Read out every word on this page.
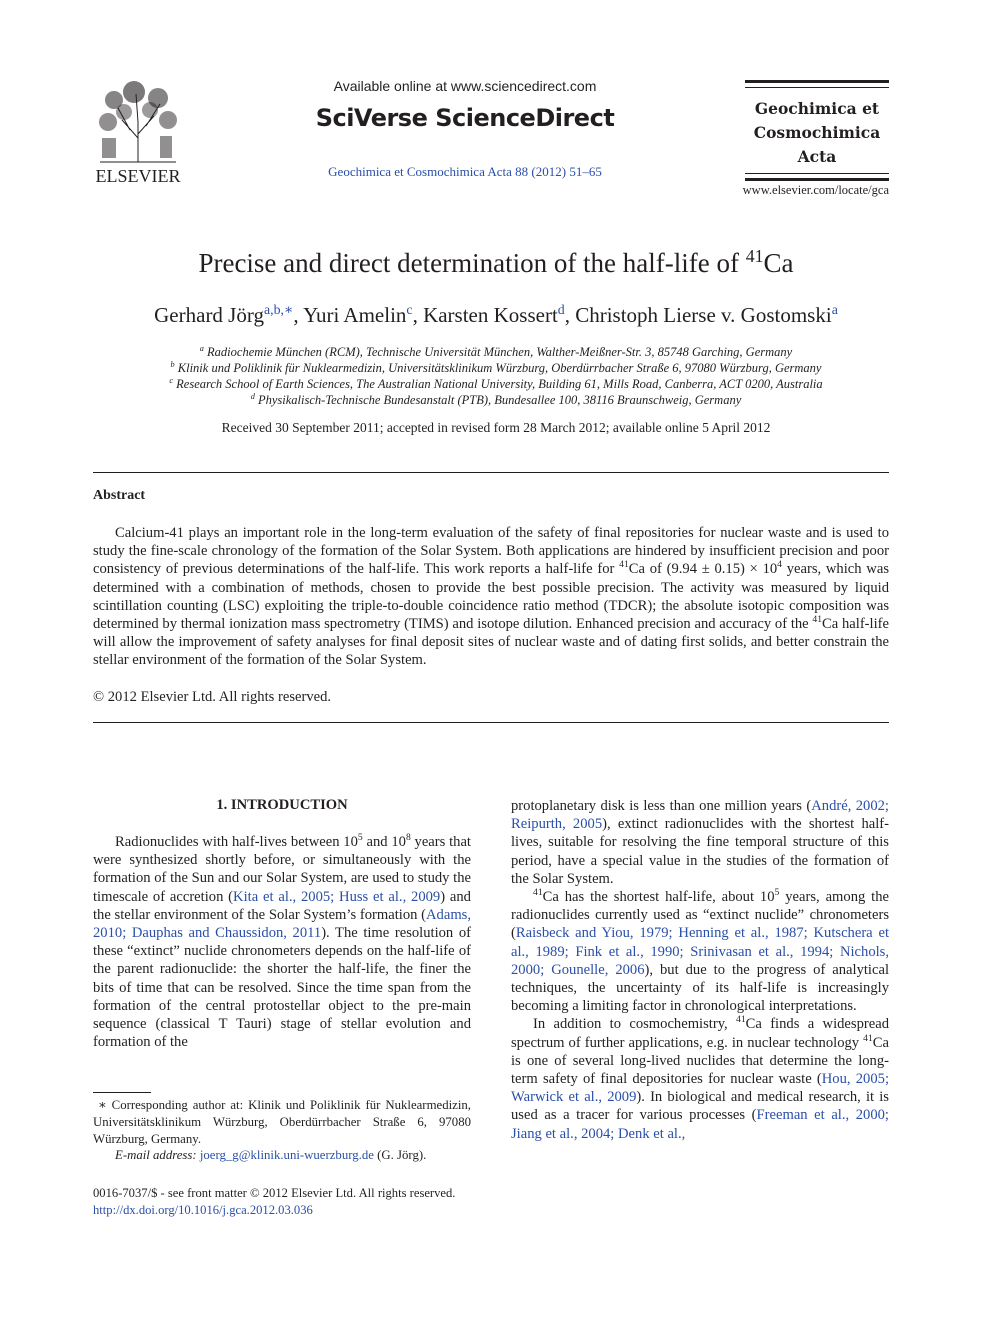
ELSEVIER
Available online at www.sciencedirect.com
SciVerse ScienceDirect
Geochimica et Cosmochimica Acta 88 (2012) 51–65
Geochimica et
Cosmochimica
Acta
www.elsevier.com/locate/gca
Precise and direct determination of the half-life of $^{41}$Ca
Gerhard Jörg$^{a,b,∗}$, Yuri Amelin$^c$, Karsten Kossert$^d$, Christoph Lierse v. Gostomski$^a$
$^a$ Radiochemie München (RCM), Technische Universität München, Walther-Meißner-Str. 3, 85748 Garching, Germany
$^b$ Klinik und Poliklinik für Nuklearmedizin, Universitätsklinikum Würzburg, Oberdürrbacher Straße 6, 97080 Würzburg, Germany
$^c$ Research School of Earth Sciences, The Australian National University, Building 61, Mills Road, Canberra, ACT 0200, Australia
$^d$ Physikalisch-Technische Bundesanstalt (PTB), Bundesallee 100, 38116 Braunschweig, Germany
Received 30 September 2011; accepted in revised form 28 March 2012; available online 5 April 2012
Abstract

Calcium-41 plays an important role in the long-term evaluation of the safety of final repositories for nuclear waste and is used to study the fine-scale chronology of the formation of the Solar System. Both applications are hindered by insufficient precision and poor consistency of previous determinations of the half-life. This work reports a half-life for $^{41}$Ca of $(9.94 \pm 0.15) \times 10^4$ years, which was determined with a combination of methods, chosen to provide the best possible precision. The activity was measured by liquid scintillation counting (LSC) exploiting the triple-to-double coincidence ratio method (TDCR); the absolute isotopic composition was determined by thermal ionization mass spectrometry (TIMS) and isotope dilution. Enhanced precision and accuracy of the $^{41}$Ca half-life will allow the improvement of safety analyses for final deposit sites of nuclear waste and of dating first solids, and better constrain the stellar environment of the formation of the Solar System.

© 2012 Elsevier Ltd. All rights reserved.
1. INTRODUCTION

Radionuclides with half-lives between $10^5$ and $10^8$ years that were synthesized shortly before, or simultaneously with the formation of the Sun and our Solar System, are used to study the timescale of accretion (Kita et al., 2005; Huss et al., 2009) and the stellar environment of the Solar System’s formation (Adams, 2010; Dauphas and Chaussidon, 2011). The time resolution of these “extinct” nuclide chronometers depends on the half-life of the parent radionuclide: the shorter the half-life, the finer the bits of time that can be resolved. Since the time span from the formation of the central protostellar object to the pre-main sequence (classical T Tauri) stage of stellar evolution and formation of the

protoplanetary disk is less than one million years (André, 2002; Reipurth, 2005), extinct radionuclides with the shortest half-lives, suitable for resolving the fine temporal structure of this period, have a special value in the studies of the formation of the Solar System.

$^{41}$Ca has the shortest half-life, about $10^5$ years, among the radionuclides currently used as “extinct nuclide” chronometers (Raisbeck and Yiou, 1979; Henning et al., 1987; Kutschera et al., 1989; Fink et al., 1990; Srinivasan et al., 1994; Nichols, 2000; Gounelle, 2006), but due to the progress of analytical techniques, the uncertainty of its half-life is increasingly becoming a limiting factor in chronological interpretations.

In addition to cosmochemistry, $^{41}$Ca finds a widespread spectrum of further applications, e.g. in nuclear technology $^{41}$Ca is one of several long-lived nuclides that determine the long-term safety of final depositories for nuclear waste (Hou, 2005; Warwick et al., 2009). In biological and medical research, it is used as a tracer for various processes (Freeman et al., 2000; Jiang et al., 2004; Denk et al.,

∗ Corresponding author at: Klinik und Poliklinik für Nuklearmedizin, Universitätsklinikum Würzburg, Oberdürrbacher Straße 6, 97080 Würzburg, Germany.

E-mail address: joerg_g@klinik.uni-wuerzburg.de (G. Jörg).

0016-7037/$ - see front matter © 2012 Elsevier Ltd. All rights reserved.
http://dx.doi.org/10.1016/j.gca.2012.03.036
